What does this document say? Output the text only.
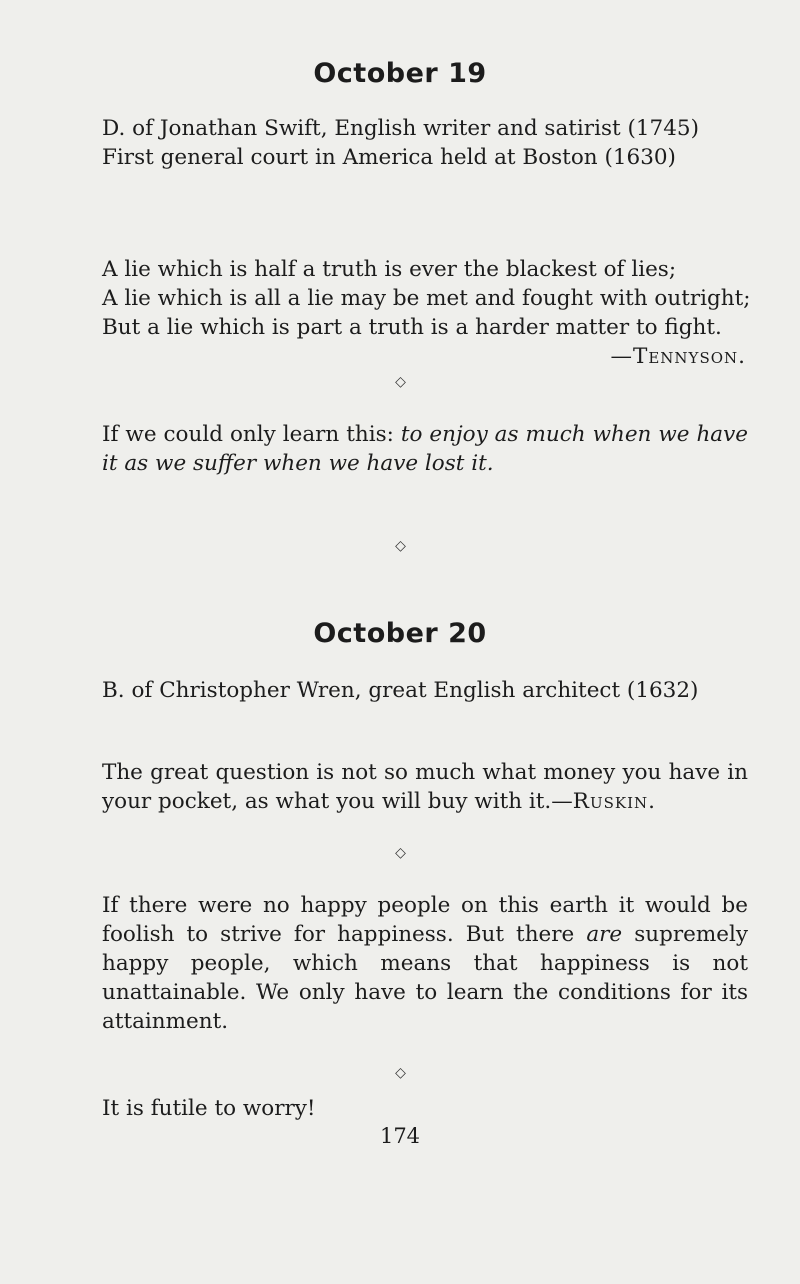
October 19
D. of Jonathan Swift, English writer and satirist (1745)
First general court in America held at Boston (1630)
A lie which is half a truth is ever the blackest of lies;
A lie which is all a lie may be met and fought with outright;
But a lie which is part a truth is a harder matter to fight.
—Tennyson.
◇
If we could only learn this: to enjoy as much when we have it as we suffer when we have lost it.
◇
October 20
B. of Christopher Wren, great English architect (1632)
The great question is not so much what money you have in your pocket, as what you will buy with it.—Ruskin.
◇
If there were no happy people on this earth it would be foolish to strive for happiness. But there are supremely happy people, which means that happiness is not unattainable. We only have to learn the conditions for its attainment.
◇
It is futile to worry!
174
